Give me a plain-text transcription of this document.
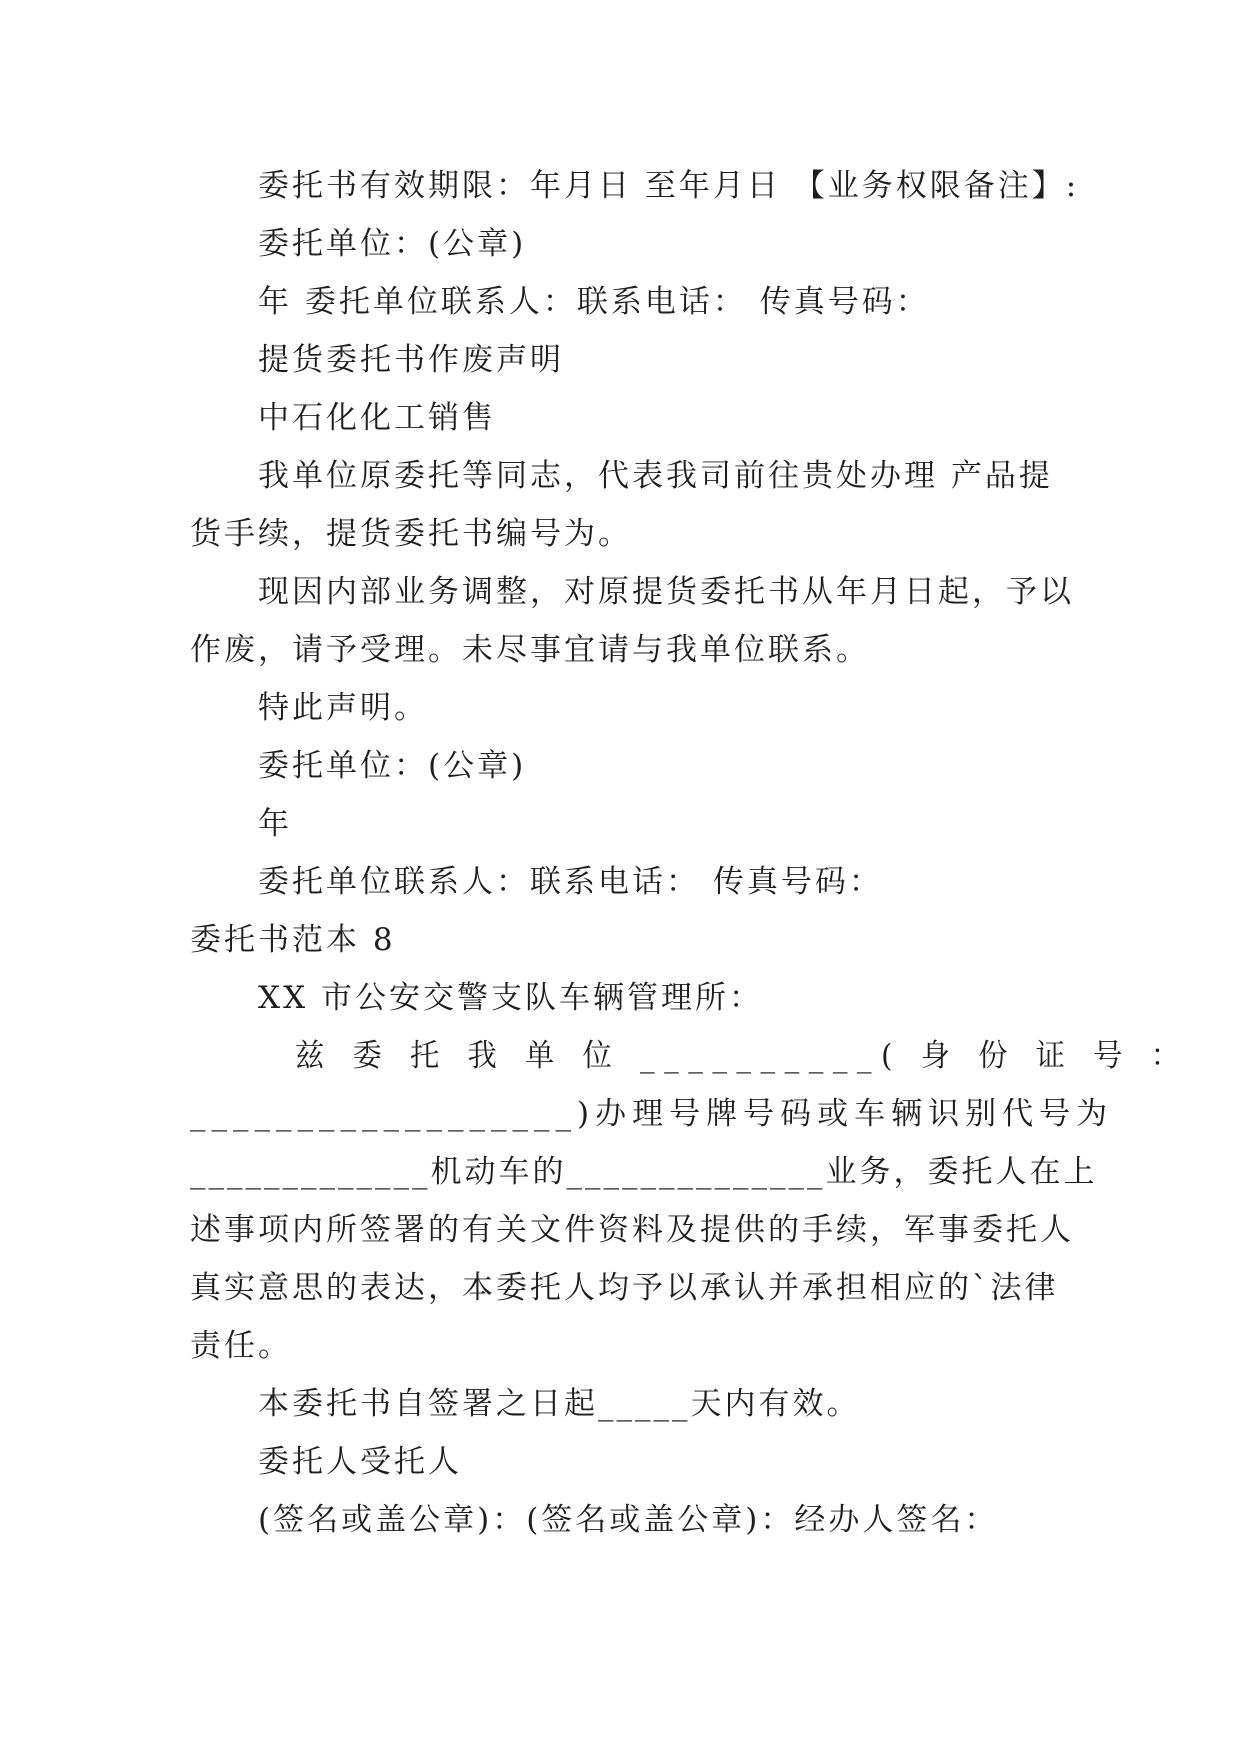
委托书有效期限：年月日 至年月日 【业务权限备注】:

委托单位：(公章)

年 委托单位联系人：联系电话： 传真号码：

提货委托书作废声明

中石化化工销售

我单位原委托等同志，代表我司前往贵处办理 产品提

货手续，提货委托书编号为。

现因内部业务调整，对原提货委托书从年月日起，予以

作废，请予受理。未尽事宜请与我单位联系。

特此声明。

委托单位：(公章)

年

委托单位联系人：联系电话： 传真号码：

委托书范本 8

XX 市公安交警支队车辆管理所：

兹 委 托 我 单 位 __________( 身 份 证 号 ：

__________________)办理号牌号码或车辆识别代号为

_____________机动车的______________业务，委托人在上

述事项内所签署的有关文件资料及提供的手续，军事委托人

真实意思的表达，本委托人均予以承认并承担相应的`法律

责任。

本委托书自签署之日起_____天内有效。

委托人受托人

(签名或盖公章)：(签名或盖公章)：经办人签名：
